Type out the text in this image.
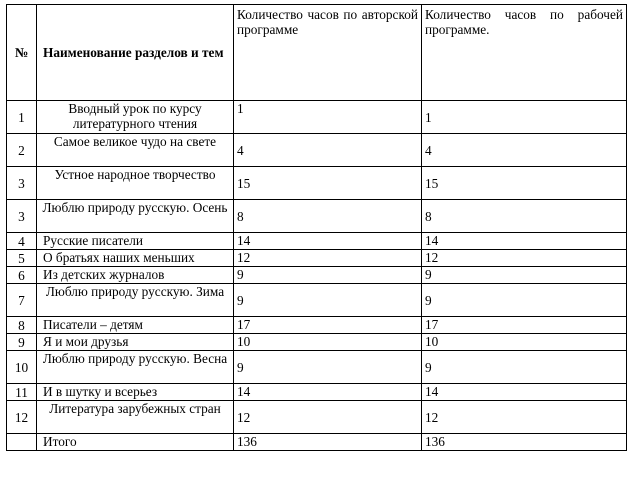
№	Наименование разделов и тем	Количество часов по авторской программе	Количество часов по рабочей программе.
1	Вводный урок по курсу литературного чтения	1	1
2	Самое великое чудо на свете	4	4
3	Устное народное творчество	15	15
3	Люблю природу русскую. Осень	8	8
4	Русские писатели	14	14
5	О братьях наших меньших	12	12
6	Из детских журналов	9	9
7	Люблю природу русскую. Зима	9	9
8	Писатели – детям	17	17
9	Я и мои друзья	10	10
10	Люблю природу русскую. Весна	9	9
11	И в шутку и всерьез	14	14
12	Литература зарубежных стран	12	12
	Итого	136	136
